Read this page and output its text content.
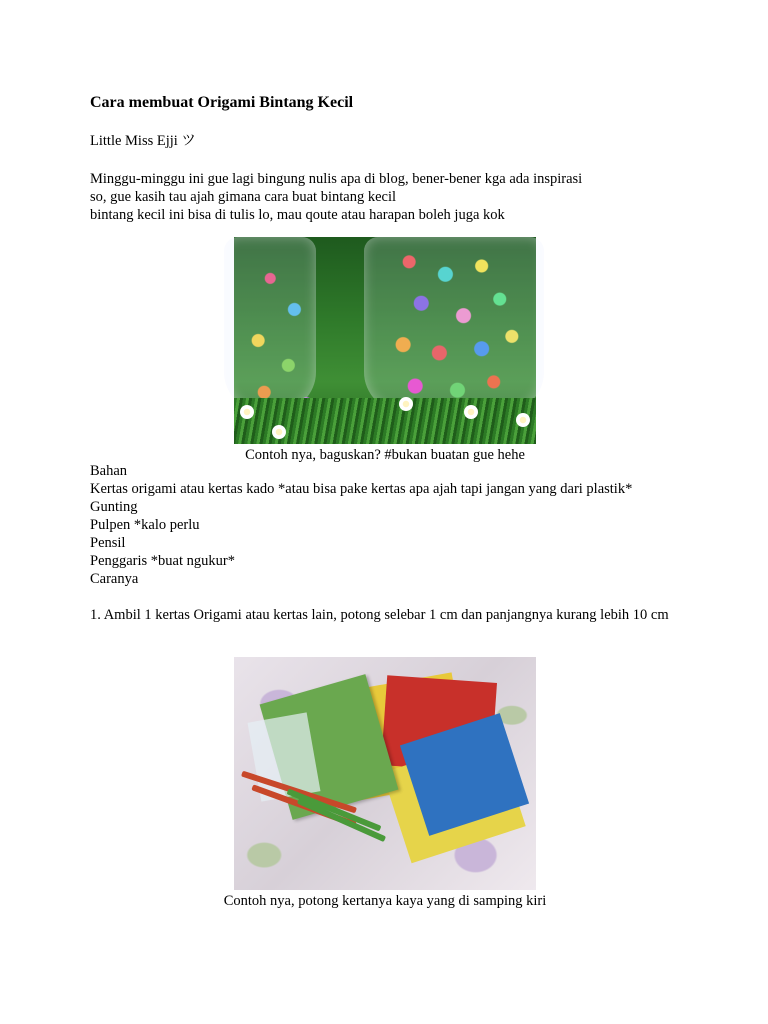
Cara membuat Origami Bintang Kecil
Little Miss Ejji ツ
Minggu-minggu ini gue lagi bingung nulis apa di blog, bener-bener kga ada inspirasi
so, gue kasih tau ajah gimana cara buat bintang kecil
bintang kecil ini bisa di tulis lo, mau qoute atau harapan boleh juga kok
Contoh nya, baguskan? #bukan buatan gue hehe
Bahan
Kertas origami atau kertas kado *atau bisa pake kertas apa ajah tapi jangan yang dari plastik*
Gunting
Pulpen *kalo perlu
Pensil
Penggaris *buat ngukur*
Caranya
1. Ambil 1 kertas Origami atau kertas lain, potong selebar 1 cm dan panjangnya kurang lebih 10 cm
Contoh nya, potong kertanya kaya yang di samping kiri
